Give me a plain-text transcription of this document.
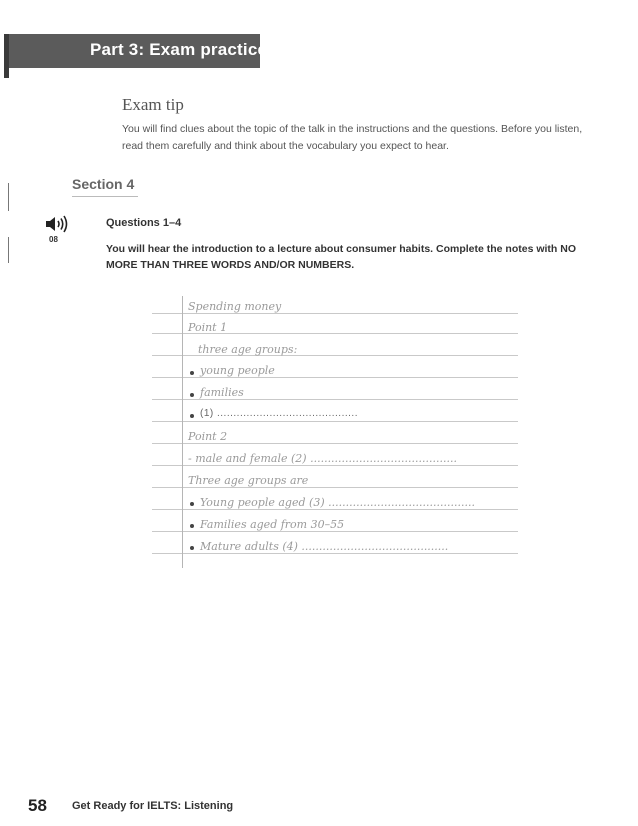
Part 3: Exam practice
Exam tip
You will find clues about the topic of the talk in the instructions and the questions. Before you listen, read them carefully and think about the vocabulary you expect to hear.
Section 4
08
Questions 1–4
You will hear the introduction to a lecture about consumer habits. Complete the notes with NO MORE THAN THREE WORDS AND/OR NUMBERS.
Spending money
Point 1
three age groups:
young people
families
(1) ...........................................
Point 2
- male and female (2) ..........................................
Three age groups are
Young people aged (3) ..........................................
Families aged from 30–55
Mature adults (4) ..........................................
58 Get Ready for IELTS: Listening
